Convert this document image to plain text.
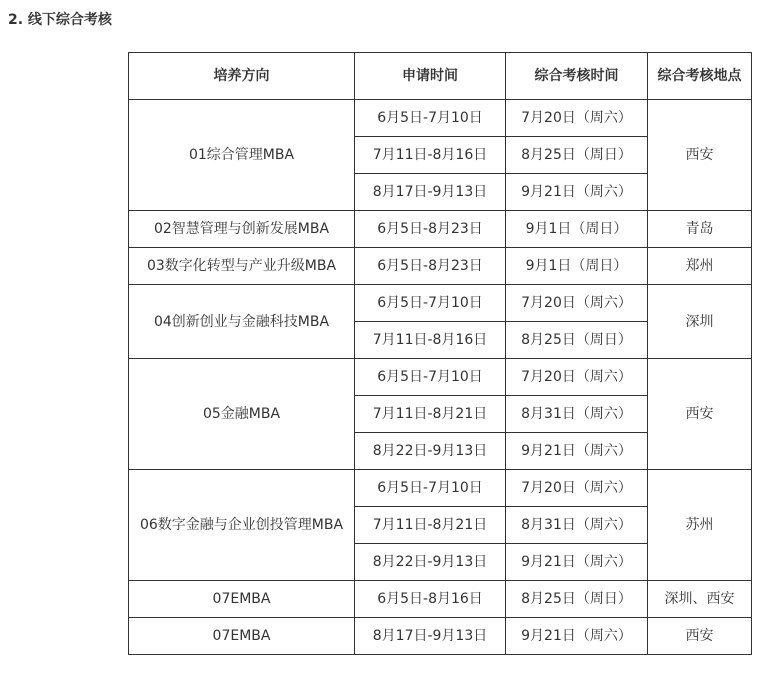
2. 线下综合考核
培养方向	申请时间	综合考核时间	综合考核地点
01综合管理MBA	6月5日-7月10日	7月20日（周六）	西安
	7月11日-8月16日	8月25日（周日）	
	8月17日-9月13日	9月21日（周六）	
02智慧管理与创新发展MBA	6月5日-8月23日	9月1日（周日）	青岛
03数字化转型与产业升级MBA	6月5日-8月23日	9月1日（周日）	郑州
04创新创业与金融科技MBA	6月5日-7月10日	7月20日（周六）	深圳
	7月11日-8月16日	8月25日（周日）	
05金融MBA	6月5日-7月10日	7月20日（周六）	西安
	7月11日-8月21日	8月31日（周六）	
	8月22日-9月13日	9月21日（周六）	
06数字金融与企业创投管理MBA	6月5日-7月10日	7月20日（周六）	苏州
	7月11日-8月21日	8月31日（周六）	
	8月22日-9月13日	9月21日（周六）	
07EMBA	6月5日-8月16日	8月25日（周日）	深圳、西安
07EMBA	8月17日-9月13日	9月21日（周六）	西安
